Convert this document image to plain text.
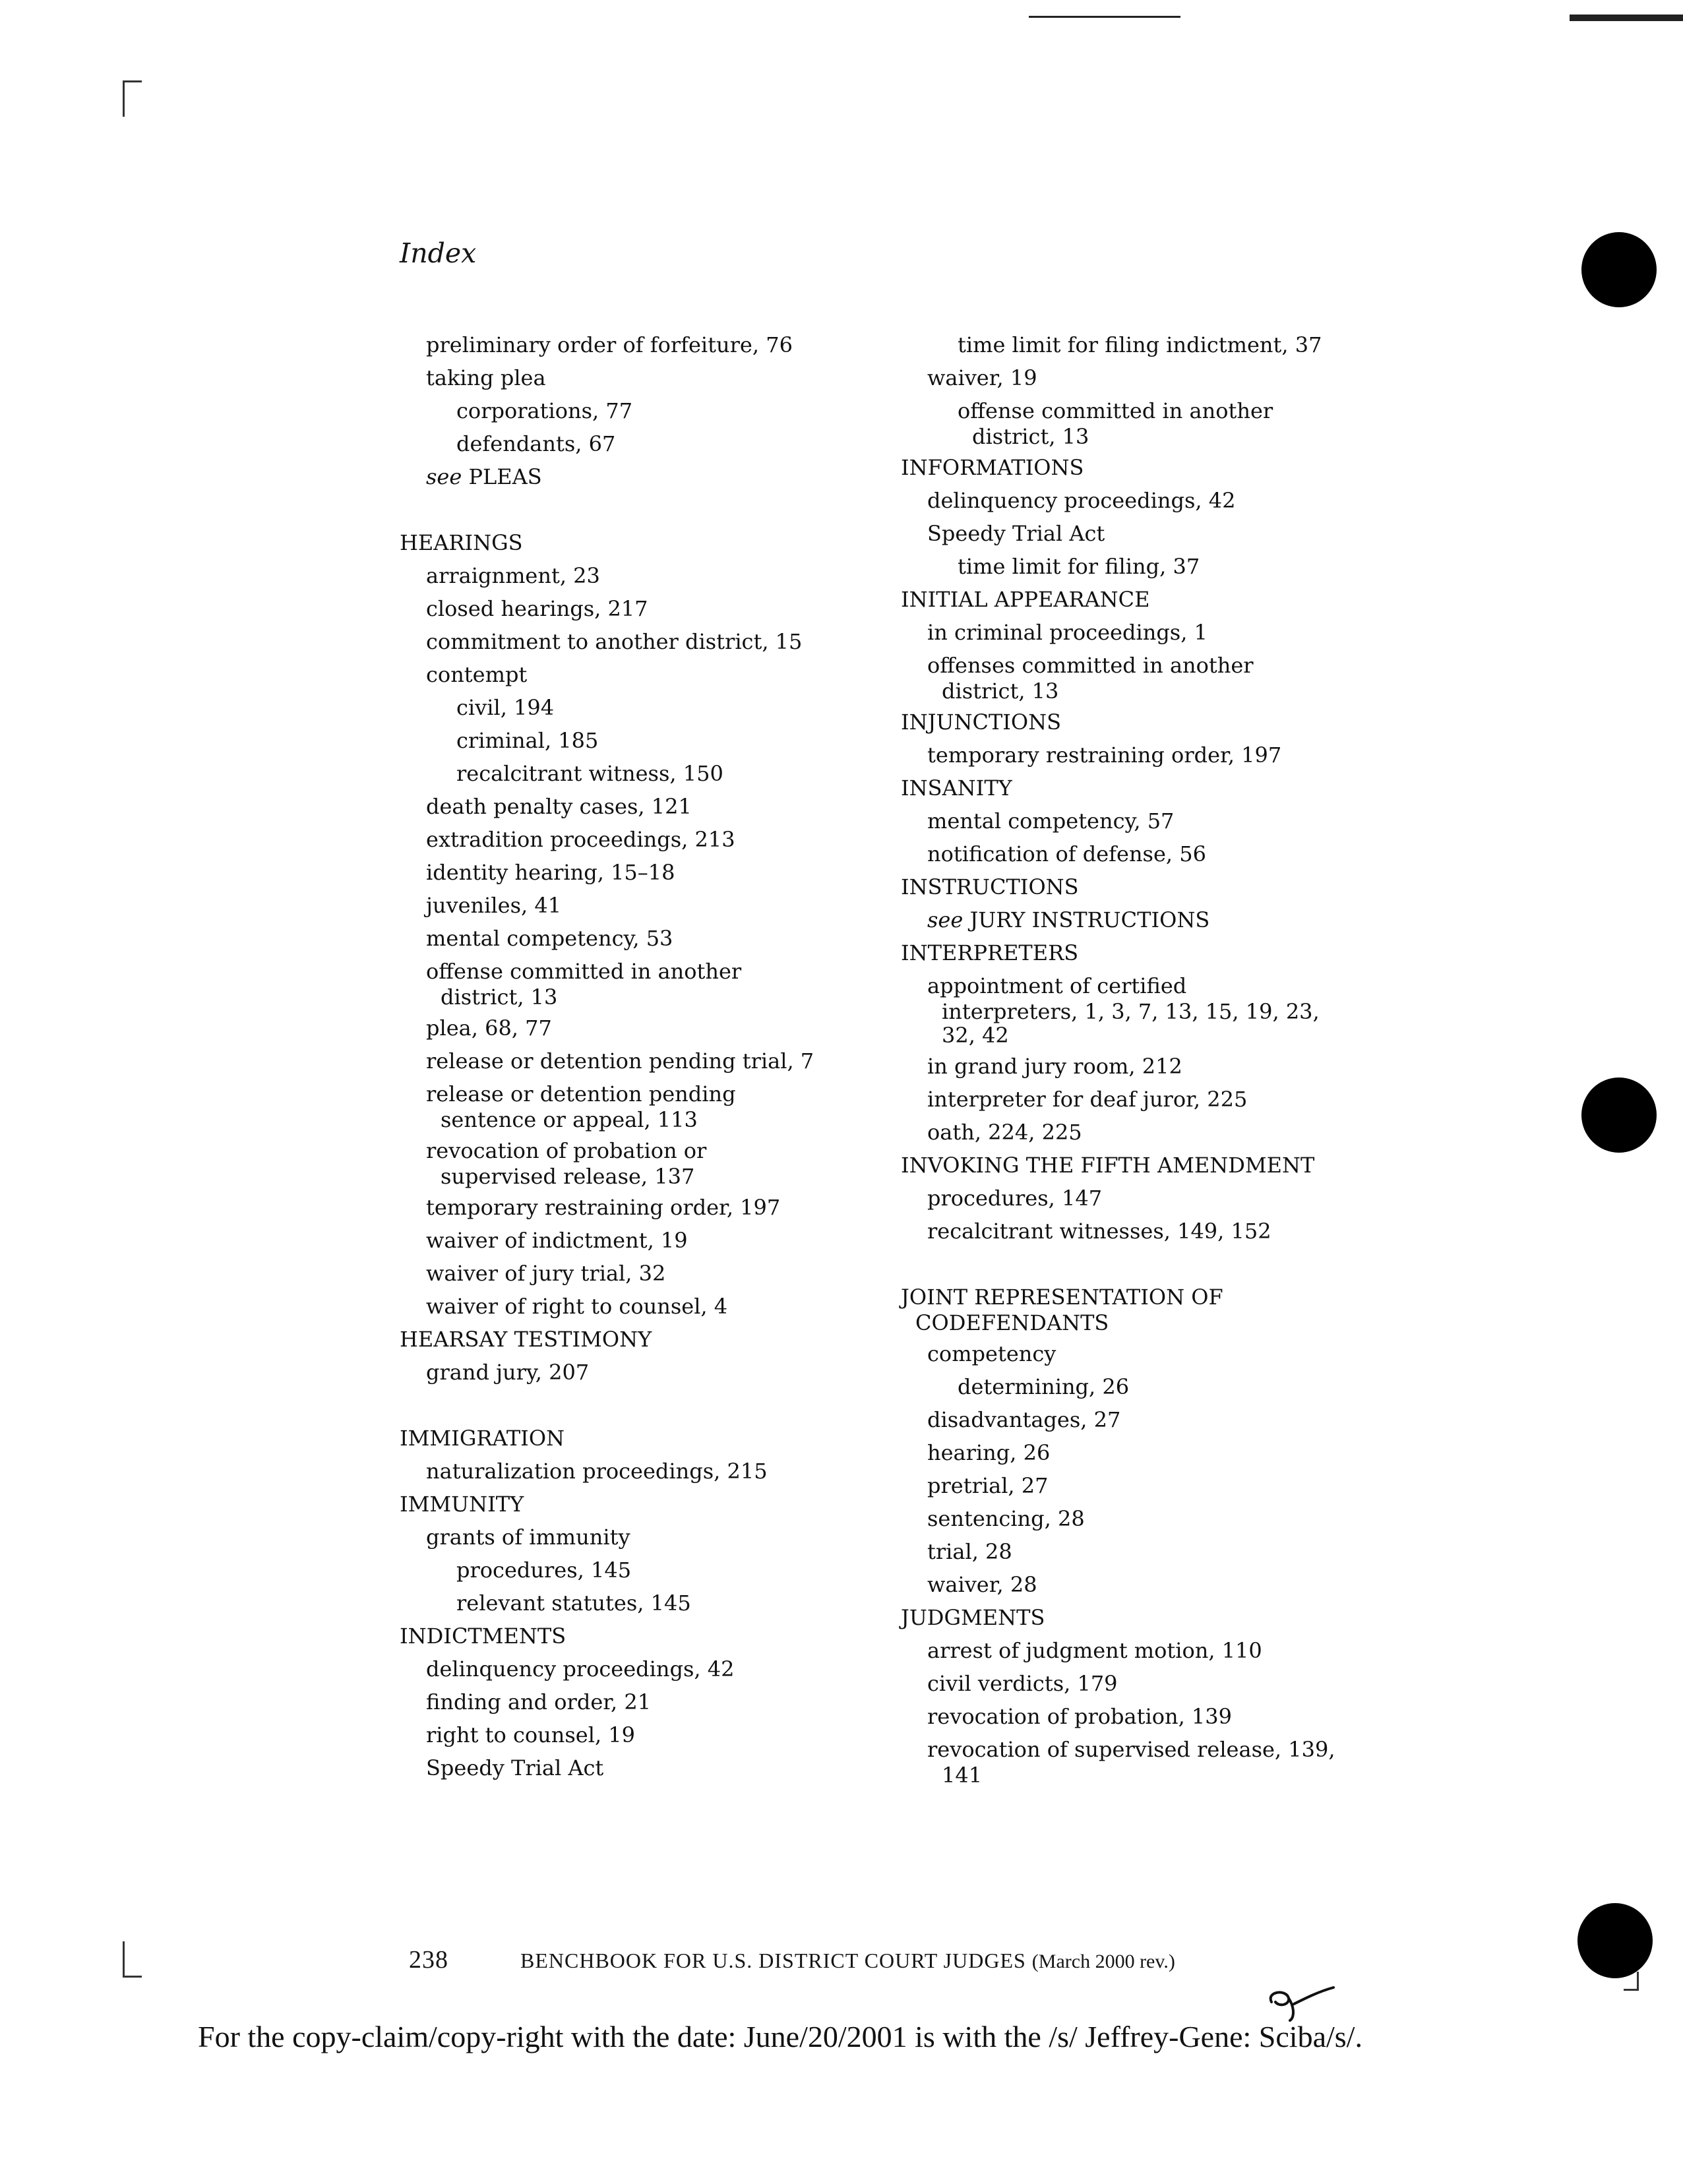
Index
preliminary order of forfeiture, 76
taking plea
corporations, 77
defendants, 67
see PLEAS
HEARINGS
arraignment, 23
closed hearings, 217
commitment to another district, 15
contempt
civil, 194
criminal, 185
recalcitrant witness, 150
death penalty cases, 121
extradition proceedings, 213
identity hearing, 15–18
juveniles, 41
mental competency, 53
offense committed in another
district, 13
plea, 68, 77
release or detention pending trial, 7
release or detention pending
sentence or appeal, 113
revocation of probation or
supervised release, 137
temporary restraining order, 197
waiver of indictment, 19
waiver of jury trial, 32
waiver of right to counsel, 4
HEARSAY TESTIMONY
grand jury, 207
IMMIGRATION
naturalization proceedings, 215
IMMUNITY
grants of immunity
procedures, 145
relevant statutes, 145
INDICTMENTS
delinquency proceedings, 42
finding and order, 21
right to counsel, 19
Speedy Trial Act
time limit for filing indictment, 37
waiver, 19
offense committed in another
district, 13
INFORMATIONS
delinquency proceedings, 42
Speedy Trial Act
time limit for filing, 37
INITIAL APPEARANCE
in criminal proceedings, 1
offenses committed in another
district, 13
INJUNCTIONS
temporary restraining order, 197
INSANITY
mental competency, 57
notification of defense, 56
INSTRUCTIONS
see JURY INSTRUCTIONS
INTERPRETERS
appointment of certified
interpreters, 1, 3, 7, 13, 15, 19, 23,
32, 42
in grand jury room, 212
interpreter for deaf juror, 225
oath, 224, 225
INVOKING THE FIFTH AMENDMENT
procedures, 147
recalcitrant witnesses, 149, 152
JOINT REPRESENTATION OF
CODEFENDANTS
competency
determining, 26
disadvantages, 27
hearing, 26
pretrial, 27
sentencing, 28
trial, 28
waiver, 28
JUDGMENTS
arrest of judgment motion, 110
civil verdicts, 179
revocation of probation, 139
revocation of supervised release, 139,
141
238	BENCHBOOK FOR U.S. DISTRICT COURT JUDGES (March 2000 rev.)
For the copy-claim/copy-right with the date: June/20/2001 is with the /s/ Jeffrey-Gene: Sciba/s/.
